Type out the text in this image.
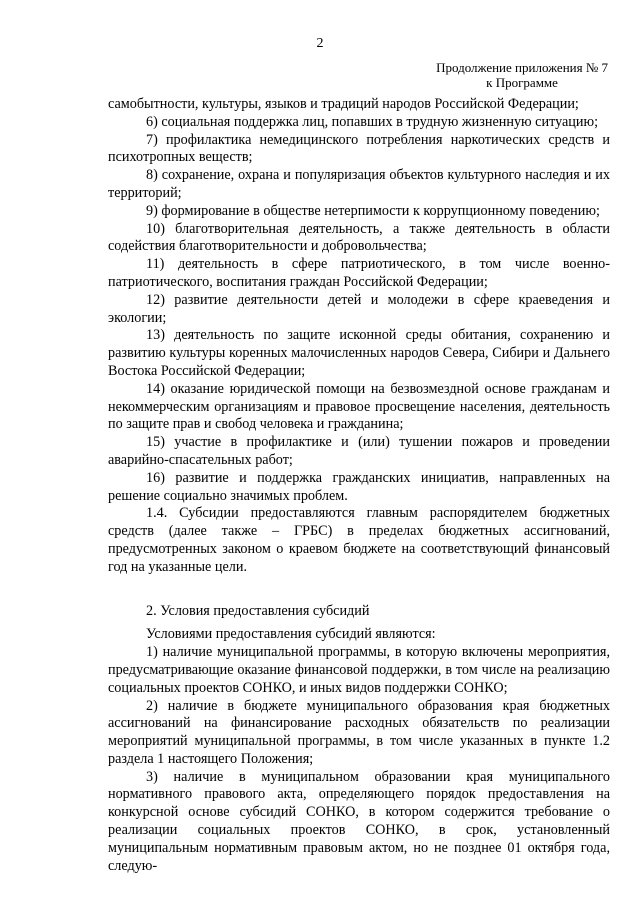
2
Продолжение приложения № 7
к Программе

самобытности, культуры, языков и традиций народов Российской Федерации;

6) социальная поддержка лиц, попавших в трудную жизненную ситуацию;

7) профилактика немедицинского потребления наркотических средств и психотропных веществ;

8) сохранение, охрана и популяризация объектов культурного наследия и их территорий;

9) формирование в обществе нетерпимости к коррупционному поведению;

10) благотворительная деятельность, а также деятельность в области содействия благотворительности и добровольчества;

11) деятельность в сфере патриотического, в том числе военно-патриотического, воспитания граждан Российской Федерации;

12) развитие деятельности детей и молодежи в сфере краеведения и экологии;

13) деятельность по защите исконной среды обитания, сохранению и развитию культуры коренных малочисленных народов Севера, Сибири и Дальнего Востока Российской Федерации;

14) оказание юридической помощи на безвозмездной основе гражданам и некоммерческим организациям и правовое просвещение населения, деятельность по защите прав и свобод человека и гражданина;

15) участие в профилактике и (или) тушении пожаров и проведении аварийно-спасательных работ;

16) развитие и поддержка гражданских инициатив, направленных на решение социально значимых проблем.

1.4. Субсидии предоставляются главным распорядителем бюджетных средств (далее также – ГРБС) в пределах бюджетных ассигнований, предусмотренных законом о краевом бюджете на соответствующий финансовый год на указанные цели.

2. Условия предоставления субсидий

Условиями предоставления субсидий являются:

1) наличие муниципальной программы, в которую включены мероприятия, предусматривающие оказание финансовой поддержки, в том числе на реализацию социальных проектов СОНКО, и иных видов поддержки СОНКО;

2) наличие в бюджете муниципального образования края бюджетных ассигнований на финансирование расходных обязательств по реализации мероприятий муниципальной программы, в том числе указанных в пункте 1.2 раздела 1 настоящего Положения;

3) наличие в муниципальном образовании края муниципального нормативного правового акта, определяющего порядок предоставления на конкурсной основе субсидий СОНКО, в котором содержится требование о реализации социальных проектов СОНКО, в срок, установленный муниципальным нормативным правовым актом, но не позднее 01 октября года, следую-
